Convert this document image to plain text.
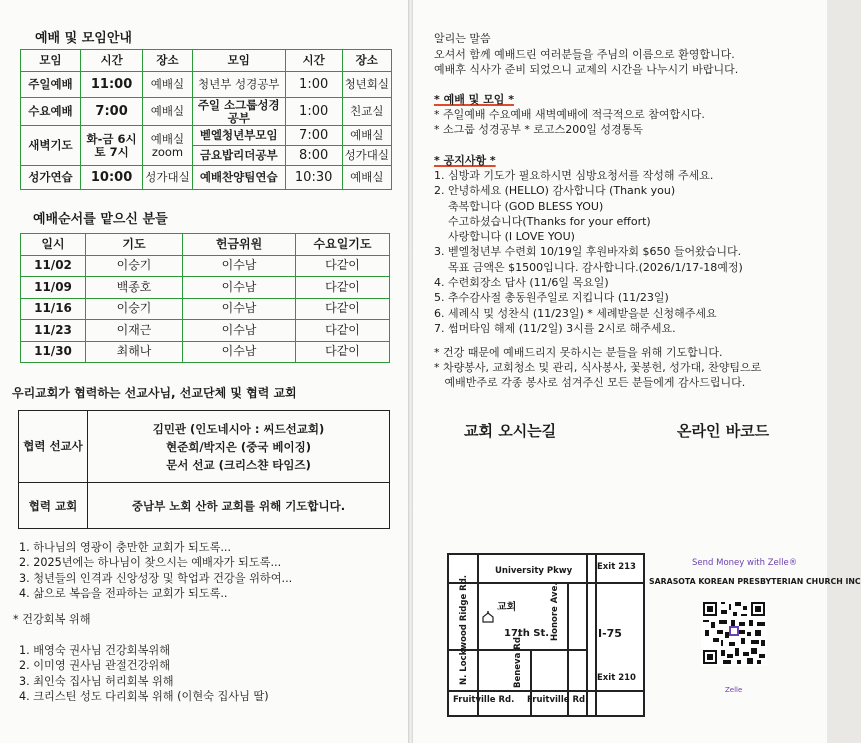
예배 및 모임안내
모임	시간	장소	모임	시간	장소
주일예배	11:00	예배실	청년부 성경공부	1:00	청년회실
수요예배	7:00	예배실	주일 소그룹성경공부	1:00	친교실
새벽기도	화-금 6시 토 7시	예배실 zoom	벧엘청년부모임	7:00	예배실
			금요밥리더공부	8:00	성가대실
성가연습	10:00	성가대실	예배찬양팀연습	10:30	예배실
예배순서를 맡으신 분들
일시	기도	헌금위원	수요일기도
11/02	이숭기	이수남	다같이
11/09	백종호	이수남	다같이
11/16	이숭기	이수남	다같이
11/23	이재근	이수남	다같이
11/30	최해나	이수남	다같이
우리교회가 협력하는 선교사님, 선교단체 및 협력 교회
협력 선교사	김민관 (인도네시아 : 씨드선교회)
현준희/박지은 (중국 베이징)
문서 선교 (크리스챤 타임즈)

협력 교회	중남부 노회 산하 교회를 위해 기도합니다.
1. 하나님의 영광이 충만한 교회가 되도록...
2. 2025년에는 하나님이 찾으시는 예배자가 되도록...
3. 청년들의 인격과 신앙성장 및 학업과 건강을 위하여...
4. 삶으로 복음을 전파하는 교회가 되도록..
* 건강회복 위해
1. 배영숙 권사님 건강회복위해
2. 이미영 권사님 관절건강위해
3. 최인숙 집사님 허리회복 위해
4. 크리스틴 성도 다리회복 위해 (이현숙 집사님 딸)
알리는 말씀
오셔서 함께 예배드린 여러분들을 주님의 이름으로 환영합니다.
예배후 식사가 준비 되었으니 교제의 시간을 나누시기 바랍니다.
* 예배 및 모임 *
* 주일예배 수요예배 새벽예배에 적극적으로 참여합시다.
* 소그룹 성경공부 * 로고스200일 성경통독
* 공지사항 *
1. 심방과 기도가 필요하시면 심방요청서를 작성해 주세요.
2. 안녕하세요 (HELLO) 감사합니다 (Thank you)
축복합니다 (GOD BLESS YOU)
수고하셨습니다(Thanks for your effort)
사랑합니다 (I LOVE YOU)
3. 벧엘청년부 수련회 10/19일 후원바자회 $650 들어왔습니다.
목표 금액은 $1500입니다. 감사합니다.(2026/1/17-18예정)
4. 수련회장소 답사 (11/6일 목요일)
5. 추수감사절 총동원주일로 지킵니다 (11/23일)
6. 세례식 및 성찬식 (11/23일) * 세례받을분 신청해주세요
7. 썸머타임 해제 (11/2일) 3시를 2시로 해주세요.
* 건강 때문에 예배드리지 못하시는 분들을 위해 기도합니다.
* 차량봉사, 교회청소 및 관리, 식사봉사, 꽃봉헌, 성가대, 찬양팀으로
예배반주로 각종 봉사로 섬겨주신 모든 분들에게 감사드립니다.
교회 오시는길	온라인 바코드
Send Money with Zelle®
SARASOTA KOREAN PRESBYTERIAN CHURCH INC
Zelle
University Pkwy	Exit 213
교회
17th St.	I-75
Exit 210
Fruitville Rd. Fruitville Rd.
N. Lockwood Ridge Rd.	Beneva Rd.
Honore Ave.
